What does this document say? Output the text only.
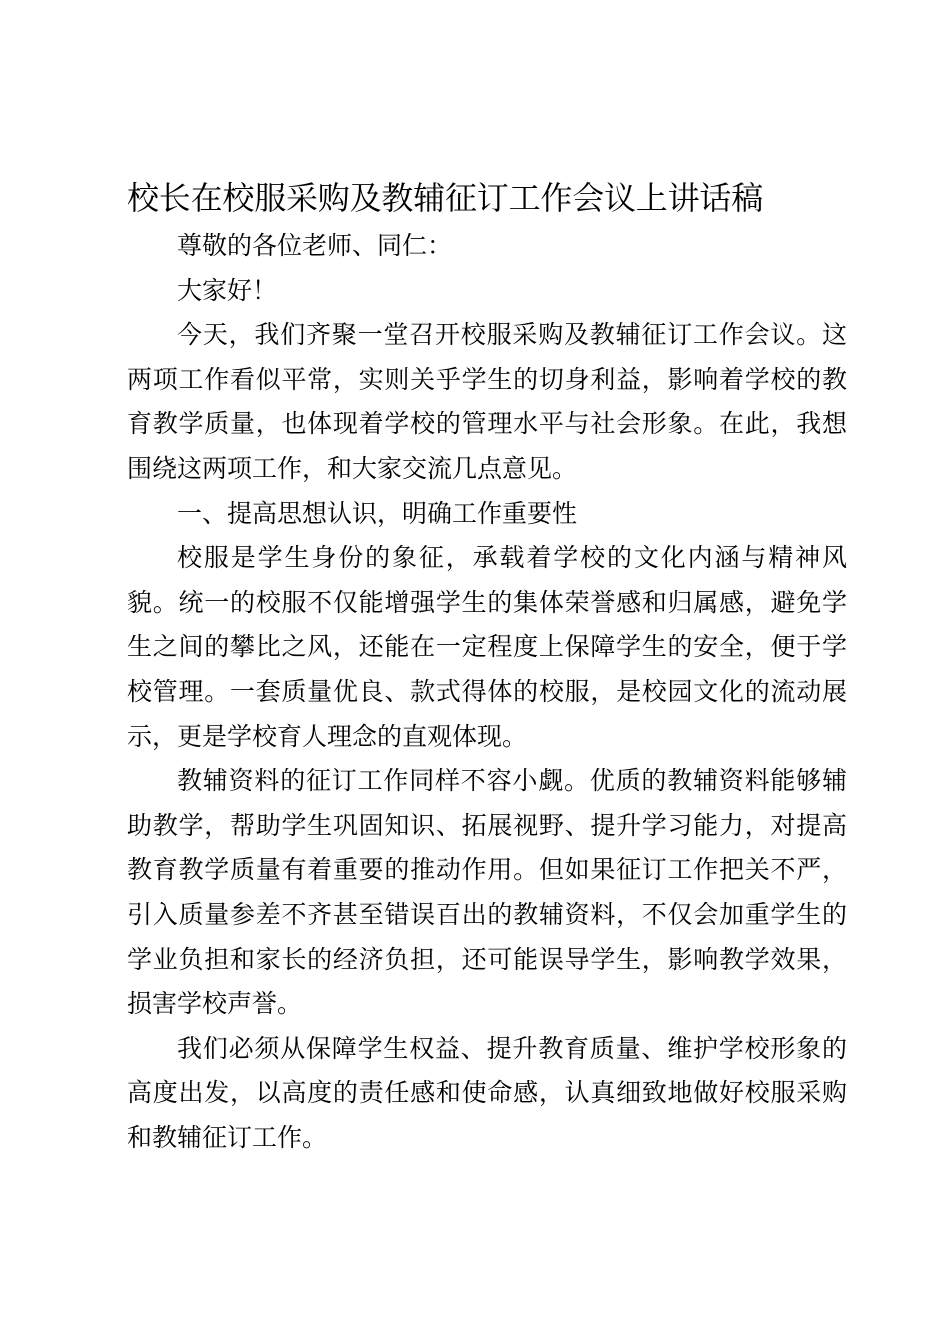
校长在校服采购及教辅征订工作会议上讲话稿

尊敬的各位老师、同仁：

大家好！

今天，我们齐聚一堂召开校服采购及教辅征订工作会议。这两项工作看似平常，实则关乎学生的切身利益，影响着学校的教育教学质量，也体现着学校的管理水平与社会形象。在此，我想围绕这两项工作，和大家交流几点意见。

一、提高思想认识，明确工作重要性

校服是学生身份的象征，承载着学校的文化内涵与精神风貌。统一的校服不仅能增强学生的集体荣誉感和归属感，避免学生之间的攀比之风，还能在一定程度上保障学生的安全，便于学校管理。一套质量优良、款式得体的校服，是校园文化的流动展示，更是学校育人理念的直观体现。

教辅资料的征订工作同样不容小觑。优质的教辅资料能够辅助教学，帮助学生巩固知识、拓展视野、提升学习能力，对提高教育教学质量有着重要的推动作用。但如果征订工作把关不严，引入质量参差不齐甚至错误百出的教辅资料，不仅会加重学生的学业负担和家长的经济负担，还可能误导学生，影响教学效果，损害学校声誉。

我们必须从保障学生权益、提升教育质量、维护学校形象的高度出发，以高度的责任感和使命感，认真细致地做好校服采购和教辅征订工作。
